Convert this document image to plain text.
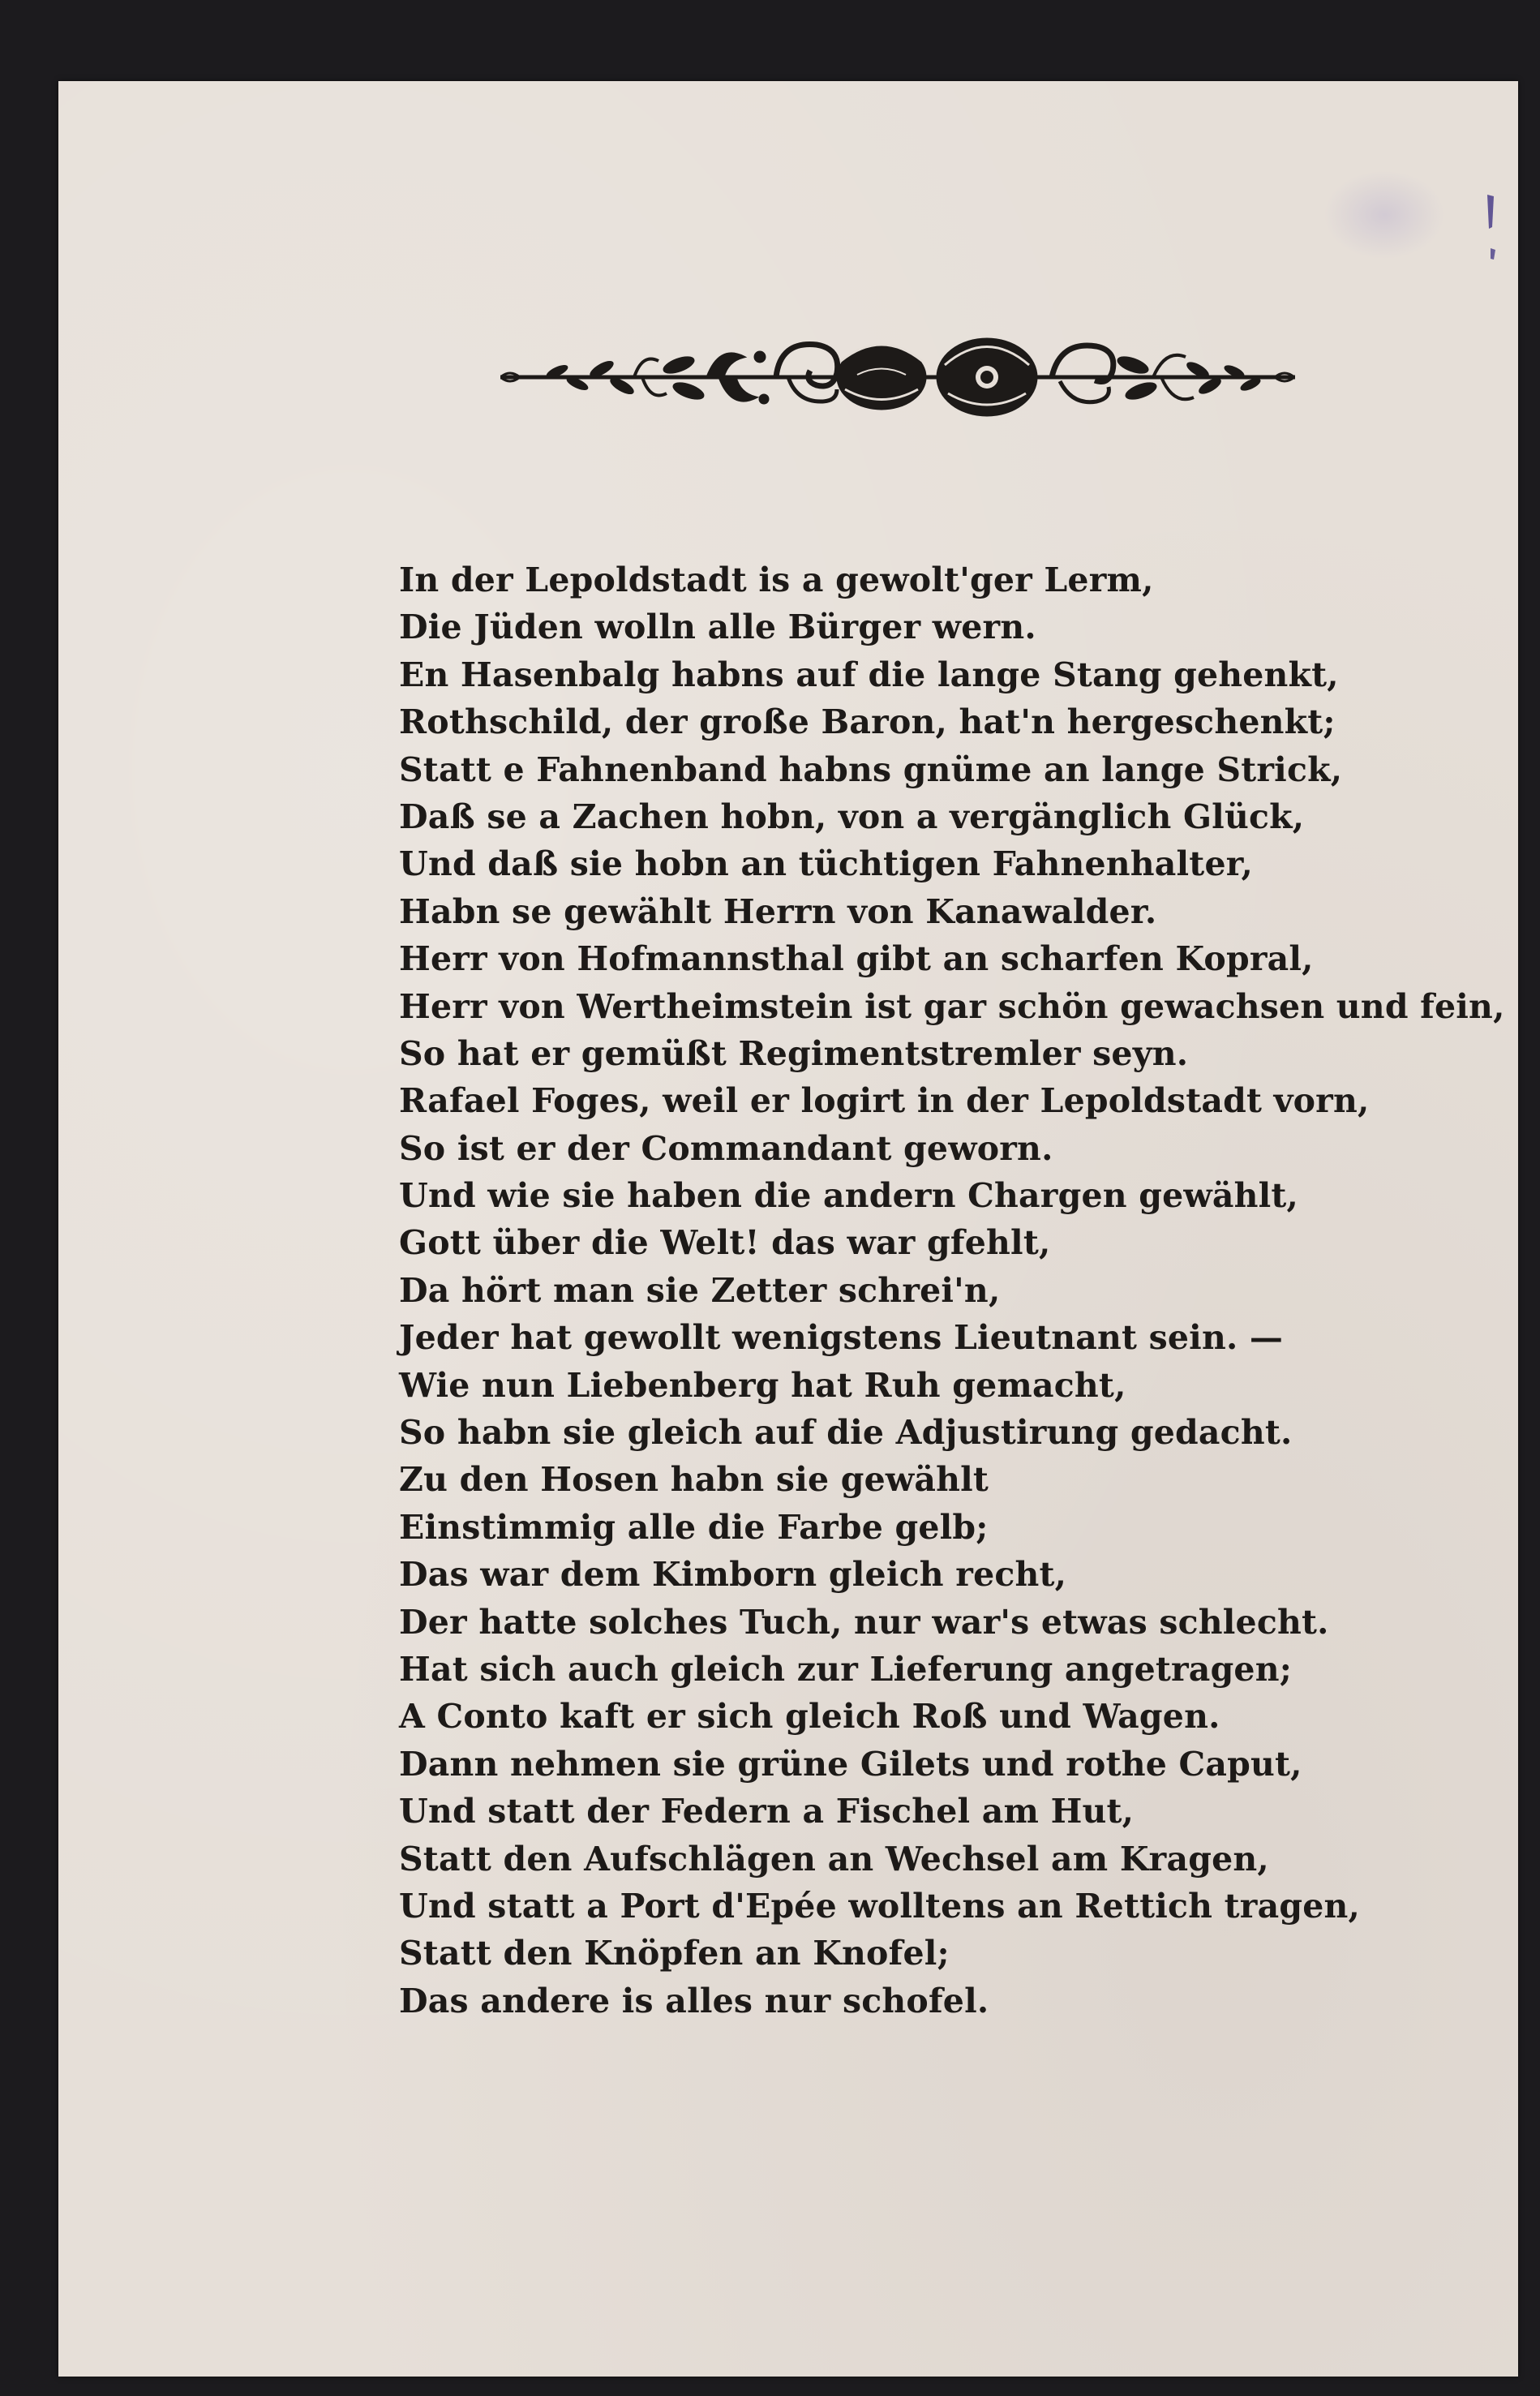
In der Lepoldstadt is a gewolt'ger Lerm,
Die Jüden wolln alle Bürger wern.
En Hasenbalg habns auf die lange Stang gehenkt,
Rothschild, der große Baron, hat'n hergeschenkt;
Statt e Fahnenband habns gnüme an lange Strick,
Daß se a Zachen hobn, von a vergänglich Glück,
Und daß sie hobn an tüchtigen Fahnenhalter,
Habn se gewählt Herrn von Kanawalder.
Herr von Hofmannsthal gibt an scharfen Kopral,
Herr von Wertheimstein ist gar schön gewachsen und fein,
So hat er gemüßt Regimentstremler seyn.
Rafael Foges, weil er logirt in der Lepoldstadt vorn,
So ist er der Commandant geworn.
Und wie sie haben die andern Chargen gewählt,
Gott über die Welt! das war gfehlt,
Da hört man sie Zetter schrei'n,
Jeder hat gewollt wenigstens Lieutnant sein. —
Wie nun Liebenberg hat Ruh gemacht,
So habn sie gleich auf die Adjustirung gedacht.
Zu den Hosen habn sie gewählt
Einstimmig alle die Farbe gelb;
Das war dem Kimborn gleich recht,
Der hatte solches Tuch, nur war's etwas schlecht.
Hat sich auch gleich zur Lieferung angetragen;
A Conto kaft er sich gleich Roß und Wagen.
Dann nehmen sie grüne Gilets und rothe Caput,
Und statt der Federn a Fischel am Hut,
Statt den Aufschlägen an Wechsel am Kragen,
Und statt a Port d'Epée wolltens an Rettich tragen,
Statt den Knöpfen an Knofel;
Das andere is alles nur schofel.
